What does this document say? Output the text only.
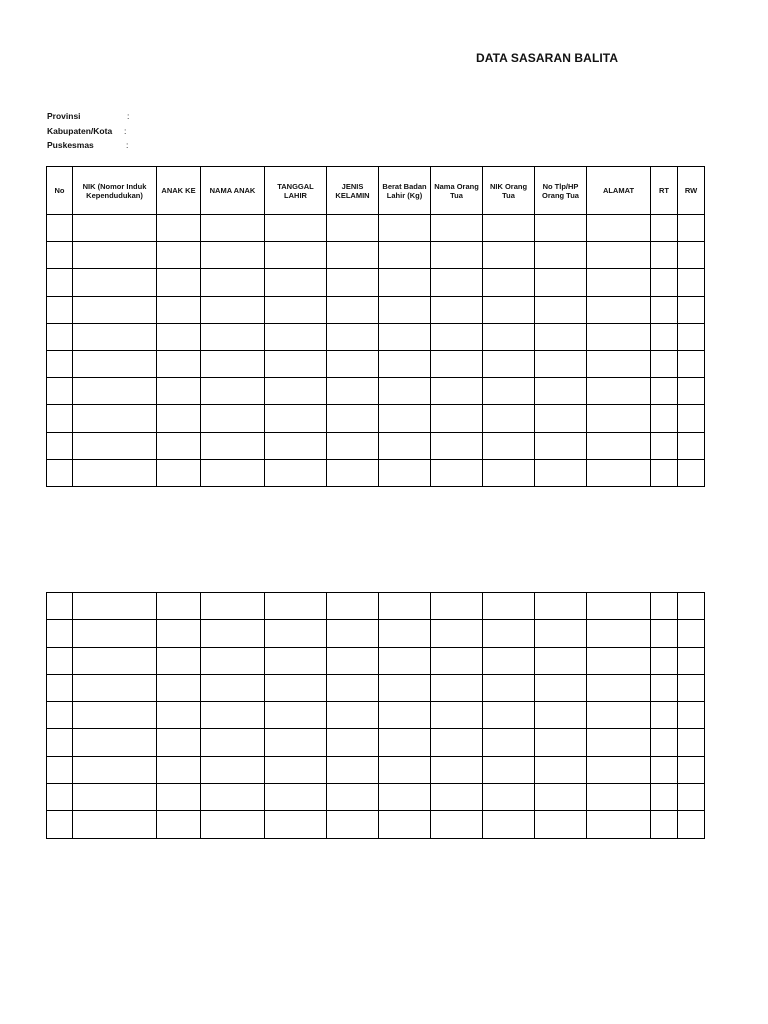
DATA SASARAN BALITA
Provinsi	:
Kabupaten/Kota :
Puskesmas	:
No	NIK (Nomor Induk Kependudukan)	ANAK KE	NAMA ANAK	TANGGAL LAHIR	JENIS KELAMIN	Berat Badan Lahir (Kg)	Nama Orang Tua	NIK Orang Tua	No Tlp/HP Orang Tua	ALAMAT	RT	RW
